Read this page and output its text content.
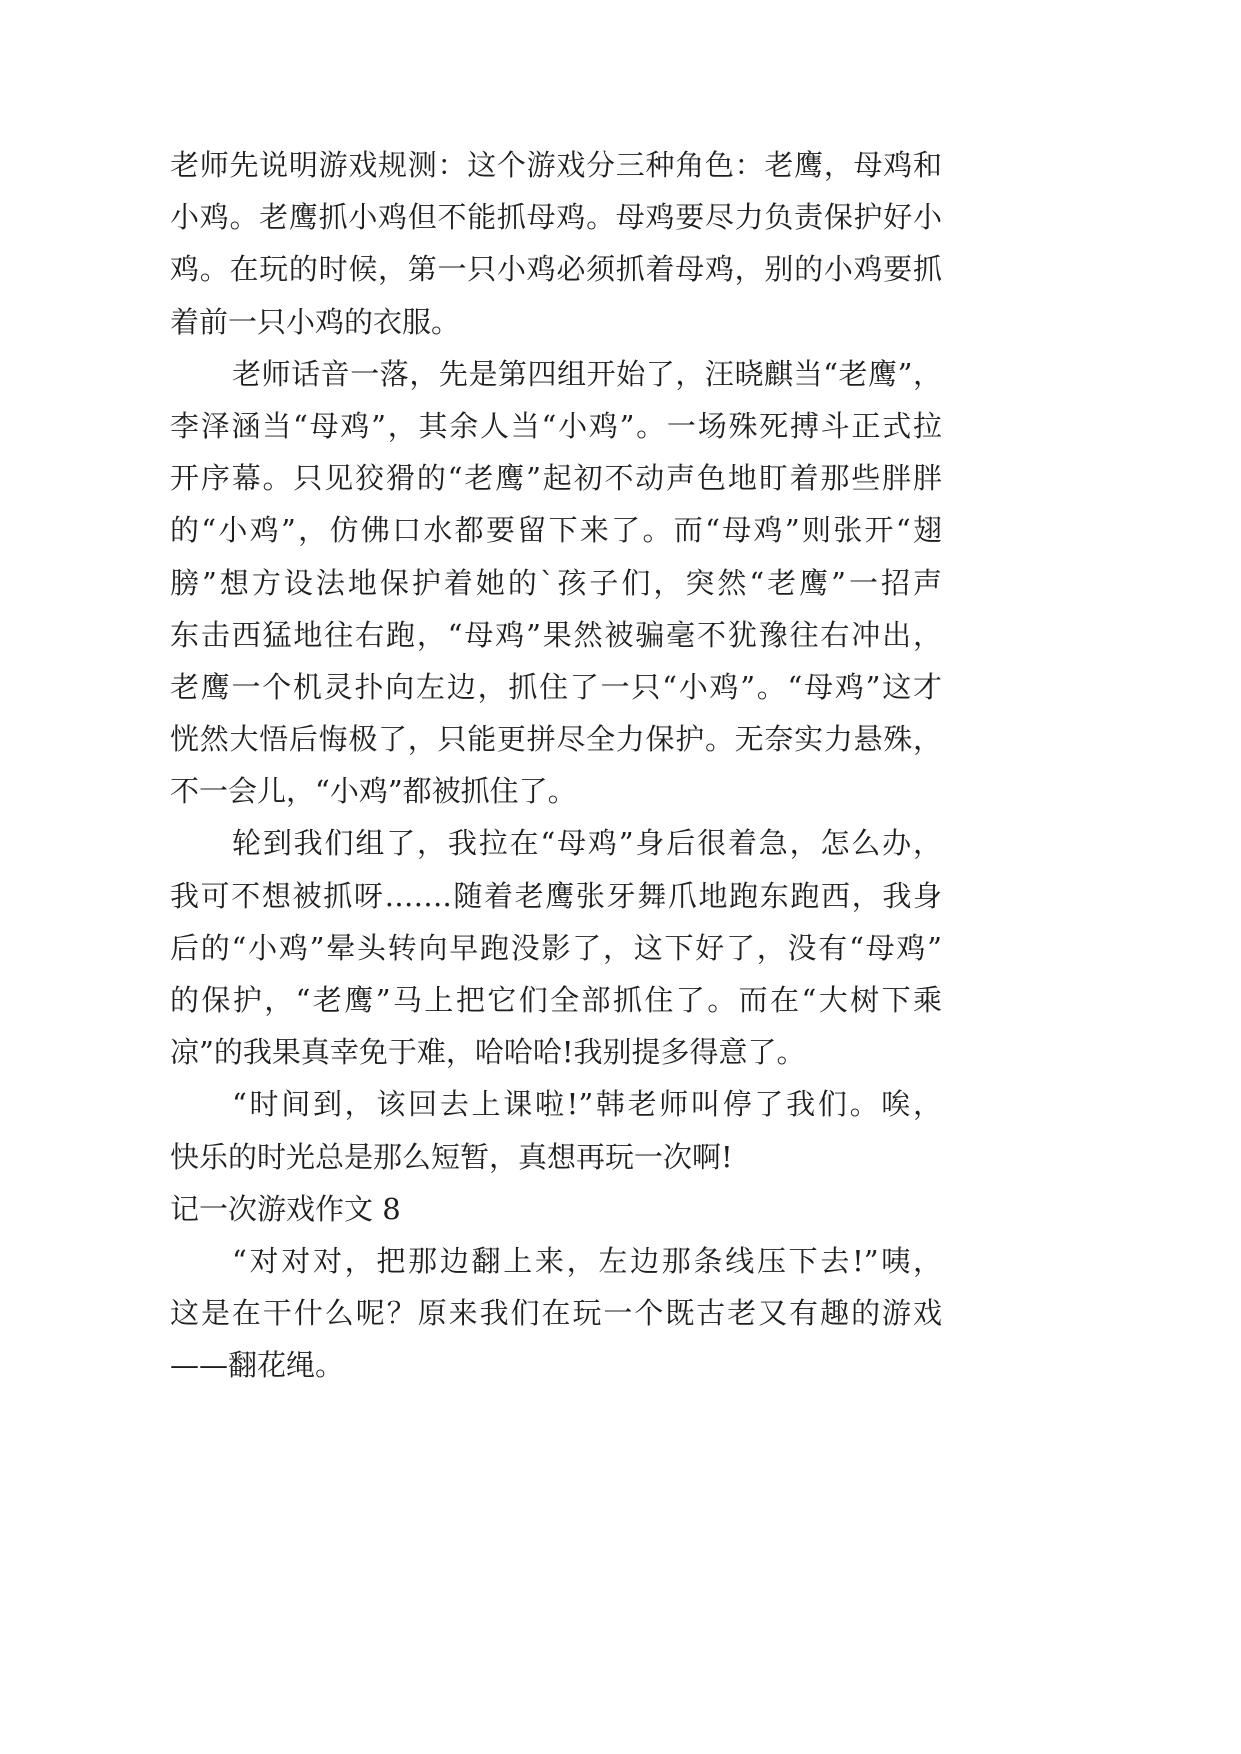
老师先说明游戏规测：这个游戏分三种角色：老鹰，母鸡和
小鸡。老鹰抓小鸡但不能抓母鸡。母鸡要尽力负责保护好小
鸡。在玩的时候，第一只小鸡必须抓着母鸡，别的小鸡要抓
着前一只小鸡的衣服。
老师话音一落，先是第四组开始了，汪晓麒当“老鹰”，
李泽涵当“母鸡”，其余人当“小鸡”。一场殊死搏斗正式拉
开序幕。只见狡猾的“老鹰”起初不动声色地盯着那些胖胖
的“小鸡”，仿佛口水都要留下来了。而“母鸡”则张开“翅
膀”想方设法地保护着她的`孩子们，突然“老鹰”一招声
东击西猛地往右跑，“母鸡”果然被骗毫不犹豫往右冲出，
老鹰一个机灵扑向左边，抓住了一只“小鸡”。“母鸡”这才
恍然大悟后悔极了，只能更拼尽全力保护。无奈实力悬殊，
不一会儿，“小鸡”都被抓住了。
轮到我们组了，我拉在“母鸡”身后很着急，怎么办，
我可不想被抓呀…….随着老鹰张牙舞爪地跑东跑西，我身
后的“小鸡”晕头转向早跑没影了，这下好了，没有“母鸡”
的保护，“老鹰”马上把它们全部抓住了。而在“大树下乘
凉”的我果真幸免于难，哈哈哈!我别提多得意了。
“时间到，该回去上课啦!”韩老师叫停了我们。唉，
快乐的时光总是那么短暂，真想再玩一次啊!
记一次游戏作文 8
“对对对，把那边翻上来，左边那条线压下去!”咦，
这是在干什么呢？原来我们在玩一个既古老又有趣的游戏
——翻花绳。
